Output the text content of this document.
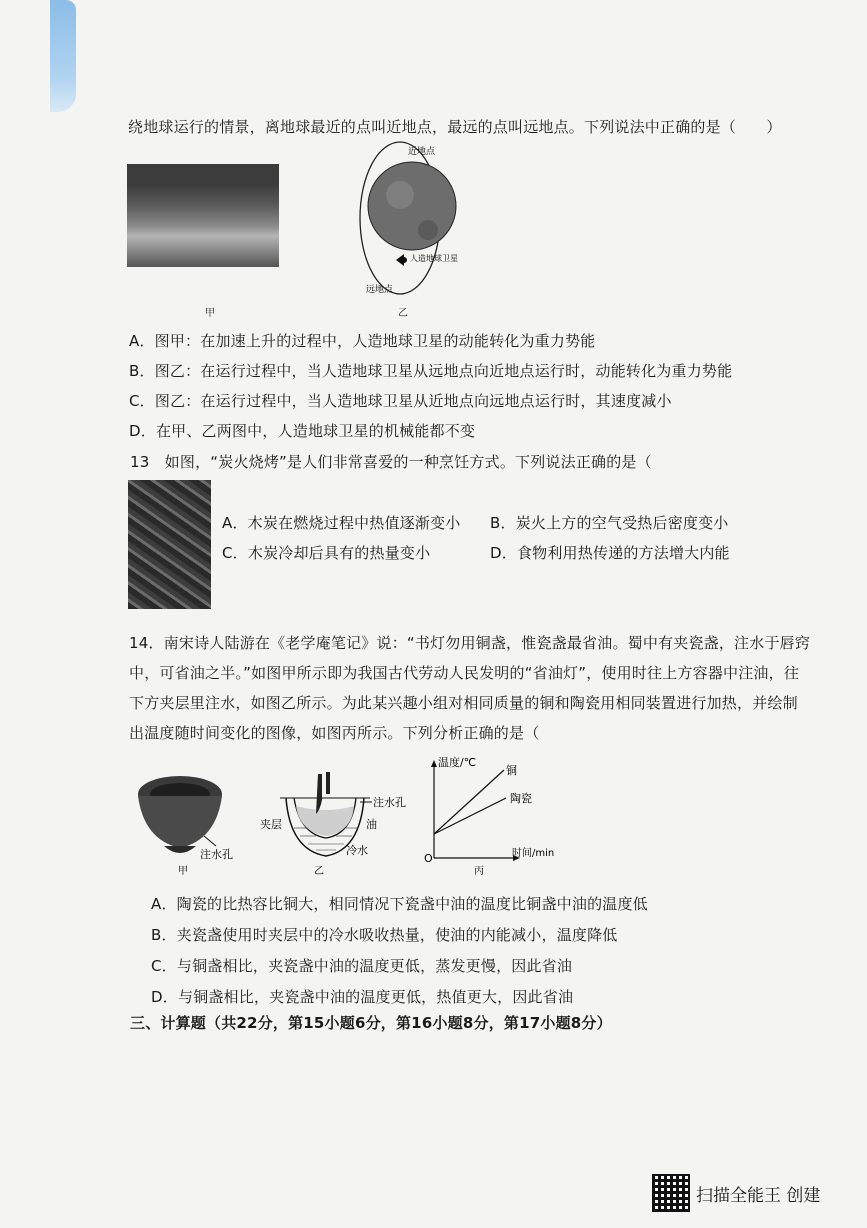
绕地球运行的情景，离地球最近的点叫近地点，最远的点叫远地点。下列说法中正确的是（　　）
甲
近地点
人造地球卫星
远地点
乙
A．图甲：在加速上升的过程中，人造地球卫星的动能转化为重力势能
B．图乙：在运行过程中，当人造地球卫星从远地点向近地点运行时，动能转化为重力势能
C．图乙：在运行过程中，当人造地球卫星从近地点向远地点运行时，其速度减小
D．在甲、乙两图中，人造地球卫星的机械能都不变
13　如图，“炭火烧烤”是人们非常喜爱的一种烹饪方式。下列说法正确的是（
A．木炭在燃烧过程中热值逐渐变小 B．炭火上方的空气受热后密度变小
C．木炭冷却后具有的热量变小	D．食物利用热传递的方法增大内能
14．南宋诗人陆游在《老学庵笔记》说：“书灯勿用铜盏，惟瓷盏最省油。蜀中有夹瓷盏，注水于唇窍
中，可省油之半。”如图甲所示即为我国古代劳动人民发明的“省油灯”，使用时往上方容器中注油，往
下方夹层里注水，如图乙所示。为此某兴趣小组对相同质量的铜和陶瓷用相同装置进行加热，并绘制
出温度随时间变化的图像，如图丙所示。下列分析正确的是（
注水孔
甲
注水孔
油
夹层
冷水
乙
温度/℃
铜
陶瓷
O	时间/min
丙
A．陶瓷的比热容比铜大，相同情况下瓷盏中油的温度比铜盏中油的温度低
B．夹瓷盏使用时夹层中的冷水吸收热量，使油的内能减小，温度降低
C．与铜盏相比，夹瓷盏中油的温度更低，蒸发更慢，因此省油
D．与铜盏相比，夹瓷盏中油的温度更低，热值更大，因此省油
三、计算题（共22分，第15小题6分，第16小题8分，第17小题8分）
扫描全能王 创建
